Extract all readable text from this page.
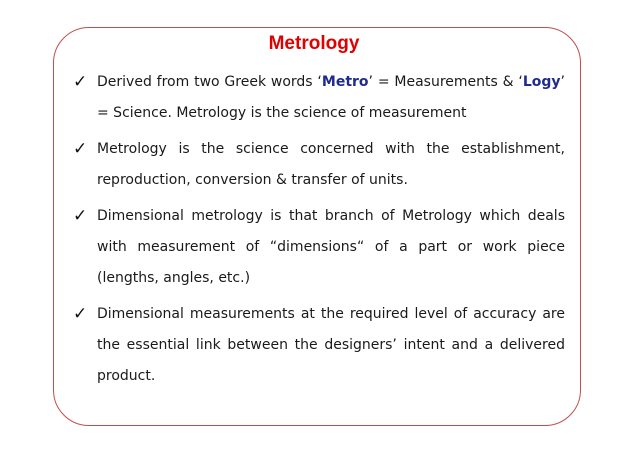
Metrology
✓ Derived from two Greek words ‘Metro’ = Measurements & ‘Logy’ = Science. Metrology is the science of measurement
✓ Metrology is the science concerned with the establishment, reproduction, conversion & transfer of units.
✓ Dimensional metrology is that branch of Metrology which deals with measurement of “dimensions“ of a part or work piece (lengths, angles, etc.)
✓ Dimensional measurements at the required level of accuracy are the essential link between the designers’ intent and a delivered product.
